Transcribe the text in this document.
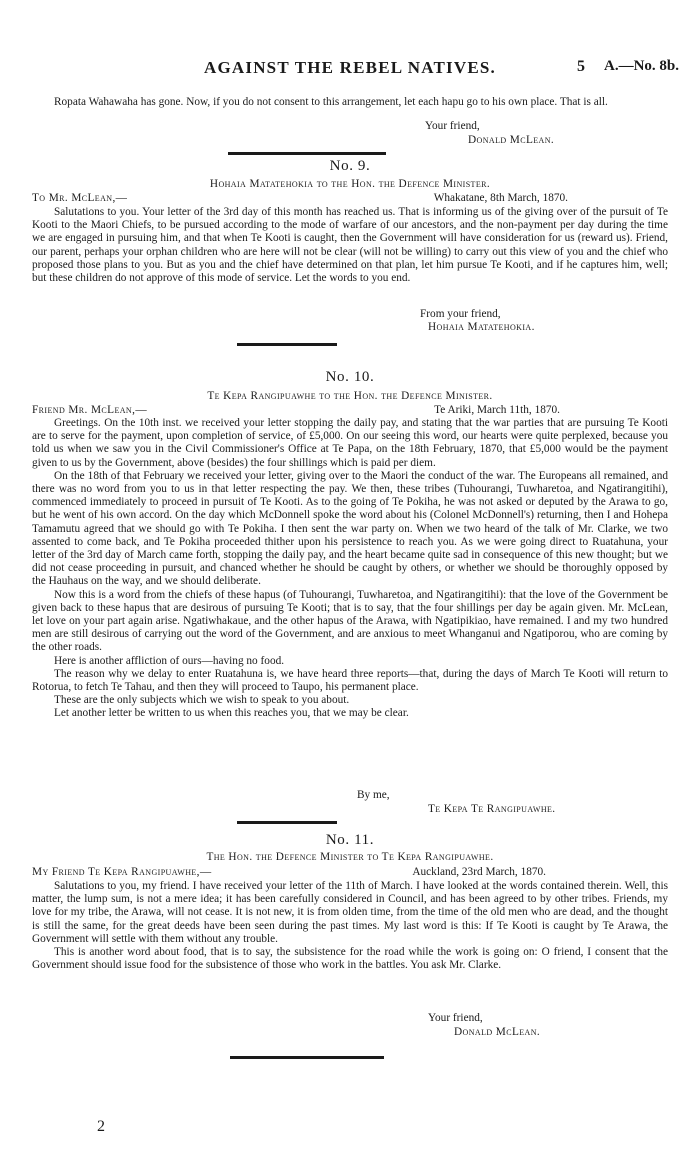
AGAINST THE REBEL NATIVES.	5 A.—No. 8b.

Ropata Wahawaha has gone. Now, if you do not consent to this arrangement, let each hapu go to his own place. That is all.

Your friend,
Donald McLean.
No. 9.
Hohaia Matatehokia to the Hon. the Defence Minister.
To Mr. McLean,—	Whakatane, 8th March, 1870.

Salutations to you. Your letter of the 3rd day of this month has reached us. That is informing us of the giving over of the pursuit of Te Kooti to the Maori Chiefs, to be pursued according to the mode of warfare of our ancestors, and the non-payment per day during the time we are engaged in pursuing him, and that when Te Kooti is caught, then the Government will have consideration for us (reward us). Friend, our parent, perhaps your orphan children who are here will not be clear (will not be willing) to carry out this view of you and the chief who proposed those plans to you. But as you and the chief have determined on that plan, let him pursue Te Kooti, and if he captures him, well; but these children do not approve of this mode of service. Let the words to you end.

From your friend,
Hohaia Matatehokia.
No. 10.
Te Kepa Rangipuawhe to the Hon. the Defence Minister.
Friend Mr. McLean,—	Te Ariki, March 11th, 1870.

Greetings. On the 10th inst. we received your letter stopping the daily pay, and stating that the war parties that are pursuing Te Kooti are to serve for the payment, upon completion of service, of £5,000. On our seeing this word, our hearts were quite perplexed, because you told us when we saw you in the Civil Commissioner's Office at Te Papa, on the 18th February, 1870, that £5,000 would be the payment given to us by the Government, above (besides) the four shillings which is paid per diem.

On the 18th of that February we received your letter, giving over to the Maori the conduct of the war. The Europeans all remained, and there was no word from you to us in that letter respecting the pay. We then, these tribes (Tuhourangi, Tuwharetoa, and Ngatirangitihi), commenced immediately to proceed in pursuit of Te Kooti. As to the going of Te Pokiha, he was not asked or deputed by the Arawa to go, but he went of his own accord. On the day which McDonnell spoke the word about his (Colonel McDonnell's) returning, then I and Hohepa Tamamutu agreed that we should go with Te Pokiha. I then sent the war party on. When we two heard of the talk of Mr. Clarke, we two assented to come back, and Te Pokiha proceeded thither upon his persistence to reach you. As we were going direct to Ruatahuna, your letter of the 3rd day of March came forth, stopping the daily pay, and the heart became quite sad in consequence of this new thought; but we did not cease proceeding in pursuit, and chanced whether he should be caught by others, or whether we should be thoroughly opposed by the Hauhaus on the way, and we should deliberate.

Now this is a word from the chiefs of these hapus (of Tuhourangi, Tuwharetoa, and Ngatirangitihi): that the love of the Government be given back to these hapus that are desirous of pursuing Te Kooti; that is to say, that the four shillings per day be again given. Mr. McLean, let love on your part again arise. Ngatiwhakaue, and the other hapus of the Arawa, with Ngatipikiao, have remained. I and my two hundred men are still desirous of carrying out the word of the Government, and are anxious to meet Whanganui and Ngatiporou, who are coming by the other roads.

Here is another affliction of ours—having no food.

The reason why we delay to enter Ruatahuna is, we have heard three reports—that, during the days of March Te Kooti will return to Rotorua, to fetch Te Tahau, and then they will proceed to Taupo, his permanent place.

These are the only subjects which we wish to speak to you about.

Let another letter be written to us when this reaches you, that we may be clear.

By me,
Te Kepa Te Rangipuawhe.
No. 11.
The Hon. the Defence Minister to Te Kepa Rangipuawhe.
My Friend Te Kepa Rangipuawhe,—	Auckland, 23rd March, 1870.

Salutations to you, my friend. I have received your letter of the 11th of March. I have looked at the words contained therein. Well, this matter, the lump sum, is not a mere idea; it has been carefully considered in Council, and has been agreed to by other tribes. Friends, my love for my tribe, the Arawa, will not cease. It is not new, it is from olden time, from the time of the old men who are dead, and the thought is still the same, for the great deeds have been seen during the past times. My last word is this: If Te Kooti is caught by Te Arawa, the Government will settle with them without any trouble.

This is another word about food, that is to say, the subsistence for the road while the work is going on: O friend, I consent that the Government should issue food for the subsistence of those who work in the battles. You ask Mr. Clarke.

Your friend,
Donald McLean.
2
